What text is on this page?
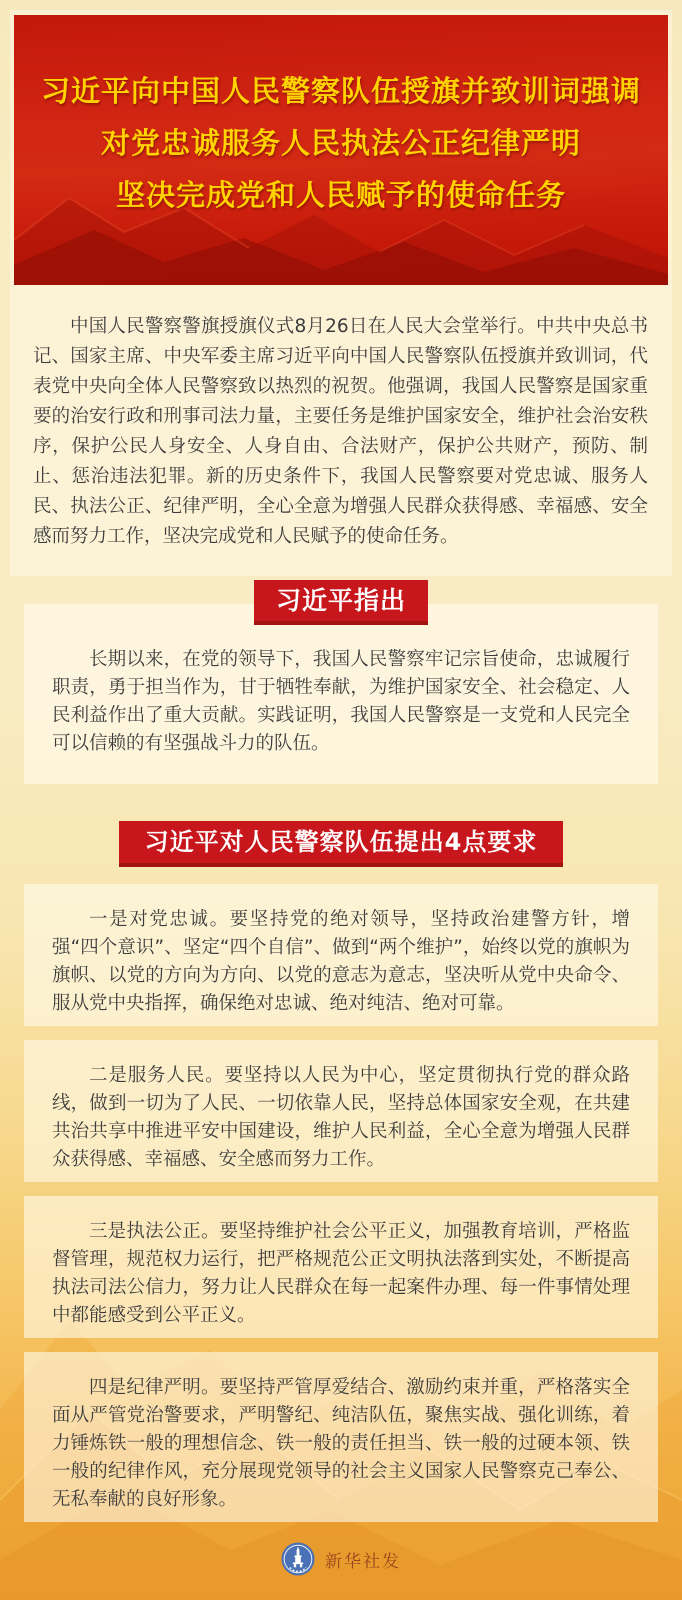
习近平向中国人民警察队伍授旗并致训词强调
对党忠诚服务人民执法公正纪律严明
坚决完成党和人民赋予的使命任务

中国人民警察警旗授旗仪式8月26日在人民大会堂举行。中共中央总书记、国家主席、中央军委主席习近平向中国人民警察队伍授旗并致训词，代表党中央向全体人民警察致以热烈的祝贺。他强调，我国人民警察是国家重要的治安行政和刑事司法力量，主要任务是维护国家安全，维护社会治安秩序，保护公民人身安全、人身自由、合法财产，保护公共财产，预防、制止、惩治违法犯罪。新的历史条件下，我国人民警察要对党忠诚、服务人民、执法公正、纪律严明，全心全意为增强人民群众获得感、幸福感、安全感而努力工作，坚决完成党和人民赋予的使命任务。

习近平指出

长期以来，在党的领导下，我国人民警察牢记宗旨使命，忠诚履行职责，勇于担当作为，甘于牺牲奉献，为维护国家安全、社会稳定、人民利益作出了重大贡献。实践证明，我国人民警察是一支党和人民完全可以信赖的有坚强战斗力的队伍。

习近平对人民警察队伍提出4点要求

一是对党忠诚。要坚持党的绝对领导，坚持政治建警方针，增强“四个意识”、坚定“四个自信”、做到“两个维护”，始终以党的旗帜为旗帜、以党的方向为方向、以党的意志为意志，坚决听从党中央命令、服从党中央指挥，确保绝对忠诚、绝对纯洁、绝对可靠。

二是服务人民。要坚持以人民为中心，坚定贯彻执行党的群众路线，做到一切为了人民、一切依靠人民，坚持总体国家安全观，在共建共治共享中推进平安中国建设，维护人民利益，全心全意为增强人民群众获得感、幸福感、安全感而努力工作。

三是执法公正。要坚持维护社会公平正义，加强教育培训，严格监督管理，规范权力运行，把严格规范公正文明执法落到实处，不断提高执法司法公信力，努力让人民群众在每一起案件办理、每一件事情处理中都能感受到公平正义。

四是纪律严明。要坚持严管厚爱结合、激励约束并重，严格落实全面从严管党治警要求，严明警纪、纯洁队伍，聚焦实战、强化训练，着力锤炼铁一般的理想信念、铁一般的责任担当、铁一般的过硬本领、铁一般的纪律作风，充分展现党领导的社会主义国家人民警察克己奉公、无私奉献的良好形象。

新华社发
